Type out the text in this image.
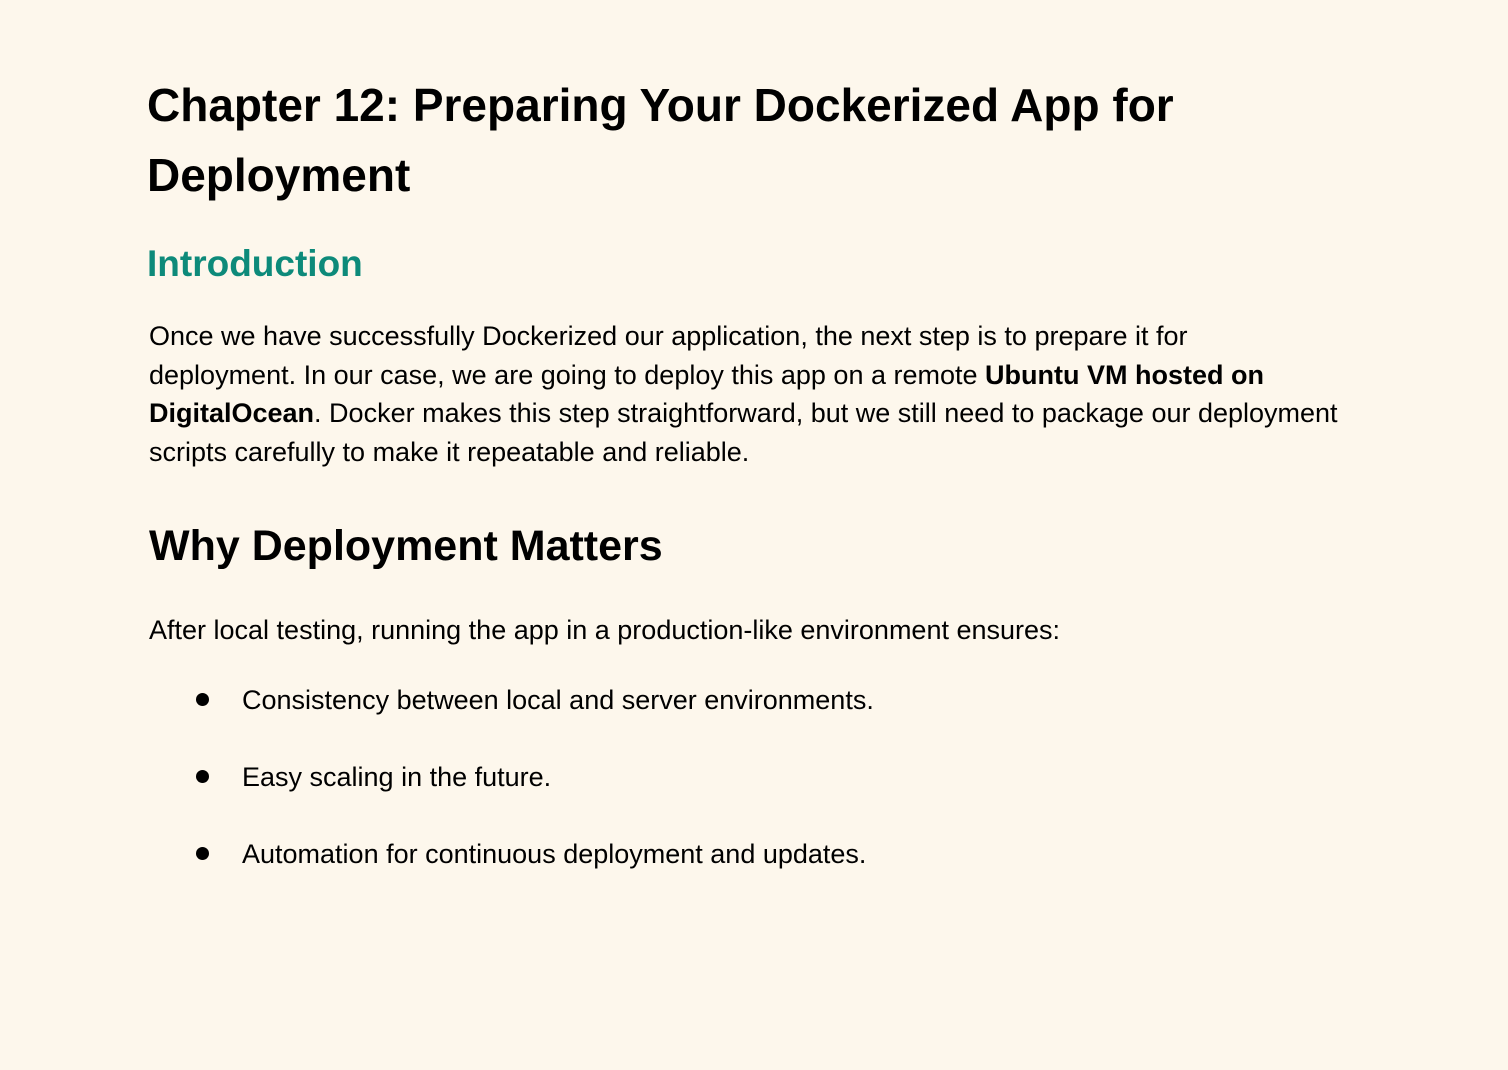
Chapter 12: Preparing Your Dockerized App for Deployment
Introduction

Once we have successfully Dockerized our application, the next step is to prepare it for deployment. In our case, we are going to deploy this app on a remote Ubuntu VM hosted on DigitalOcean. Docker makes this step straightforward, but we still need to package our deployment scripts carefully to make it repeatable and reliable.

Why Deployment Matters

After local testing, running the app in a production-like environment ensures:

Consistency between local and server environments.
Easy scaling in the future.
Automation for continuous deployment and updates.
